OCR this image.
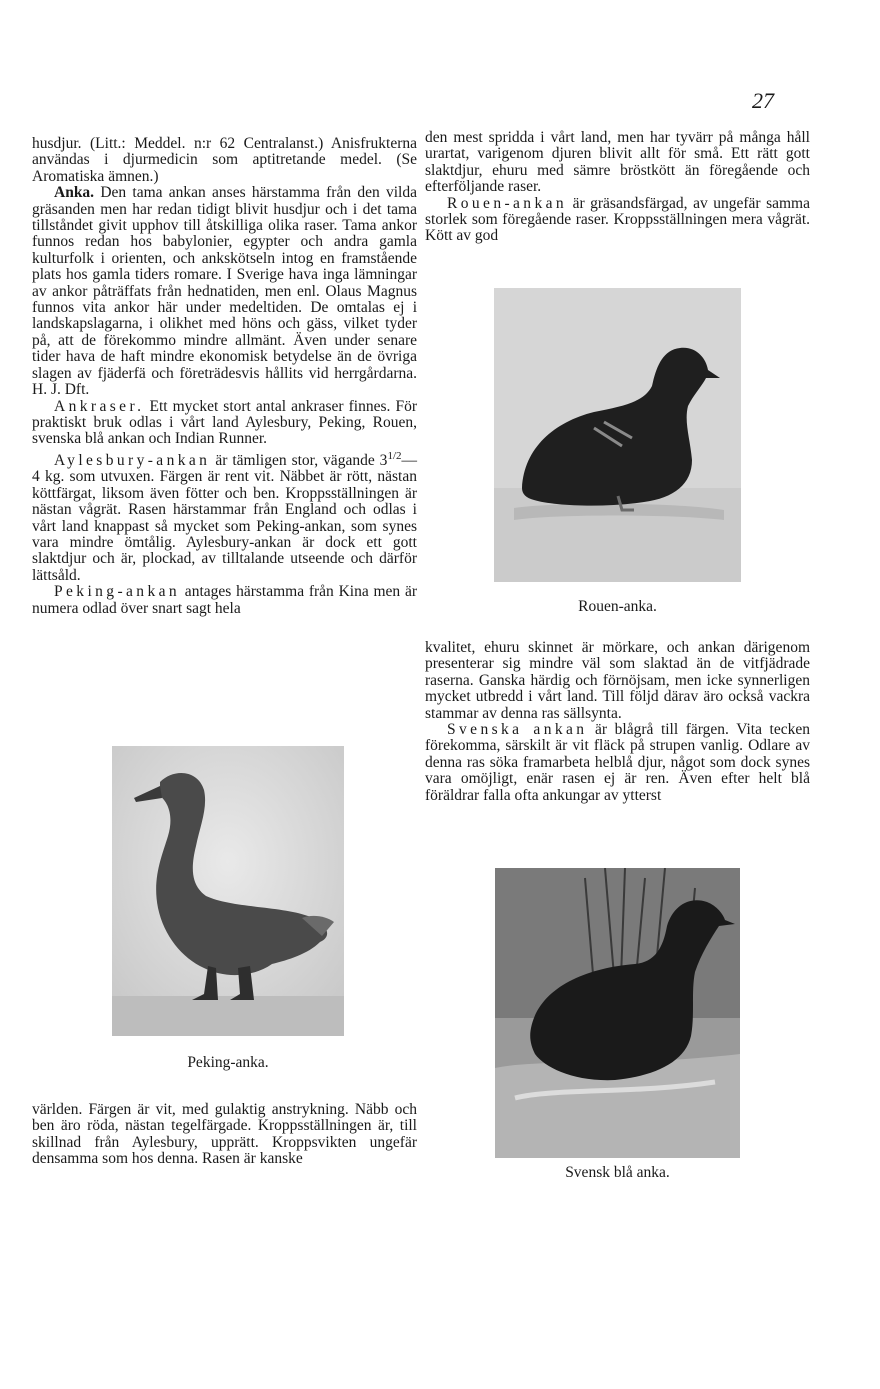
27

husdjur. (Litt.: Meddel. n:r 62 Centralanst.) Anisfrukterna användas i djurmedicin som aptitretande medel. (Se Aromatiska ämnen.)

Anka. Den tama ankan anses härstamma från den vilda gräsanden men har redan tidigt blivit husdjur och i det tama tillståndet givit upphov till åtskilliga olika raser. Tama ankor funnos redan hos babylonier, egypter och andra gamla kulturfolk i orienten, och ankskötseln intog en framstående plats hos gamla tiders romare. I Sverige hava inga lämningar av ankor påträffats från hednatiden, men enl. Olaus Magnus funnos vita ankor här under medeltiden. De omtalas ej i landskapslagarna, i olikhet med höns och gäss, vilket tyder på, att de förekommo mindre allmänt. Även under senare tider hava de haft mindre ekonomisk betydelse än de övriga slagen av fjäderfä och företrädesvis hållits vid herrgårdarna. H. J. Dft.

Ankraser. Ett mycket stort antal ankraser finnes. För praktiskt bruk odlas i vårt land Aylesbury, Peking, Rouen, svenska blå ankan och Indian Runner.

Aylesbury-ankan är tämligen stor, vägande $3^{1/2}—4$ kg. som utvuxen. Färgen är rent vit. Näbbet är rött, nästan köttfärgat, liksom även fötter och ben. Kroppsställningen är nästan vågrät. Rasen härstammar från England och odlas i vårt land knappast så mycket som Peking-ankan, som synes vara mindre ömtålig. Aylesbury-ankan är dock ett gott slaktdjur och är, plockad, av tilltalande utseende och därför lättsåld.

Peking-ankan antages härstamma från Kina men är numera odlad över snart sagt hela

Peking-anka.

världen. Färgen är vit, med gulaktig anstrykning. Näbb och ben äro röda, nästan tegelfärgade. Kroppsställningen är, till skillnad från Aylesbury, upprätt. Kroppsvikten ungefär densamma som hos denna. Rasen är kanske

den mest spridda i vårt land, men har tyvärr på många håll urartat, varigenom djuren blivit allt för små. Ett rätt gott slaktdjur, ehuru med sämre bröstkött än föregående och efterföljande raser.

Rouen-ankan är gräsandsfärgad, av ungefär samma storlek som föregående raser. Kroppsställningen mera vågrät. Kött av god

Rouen-anka.

kvalitet, ehuru skinnet är mörkare, och ankan därigenom presenterar sig mindre väl som slaktad än de vitfjädrade raserna. Ganska härdig och förnöjsam, men icke synnerligen mycket utbredd i vårt land. Till följd därav äro också vackra stammar av denna ras sällsynta.

Svenska ankan är blågrå till färgen. Vita tecken förekomma, särskilt är vit fläck på strupen vanlig. Odlare av denna ras söka framarbeta helblå djur, något som dock synes vara omöjligt, enär rasen ej är ren. Även efter helt blå föräldrar falla ofta ankungar av ytterst

Svensk blå anka.
